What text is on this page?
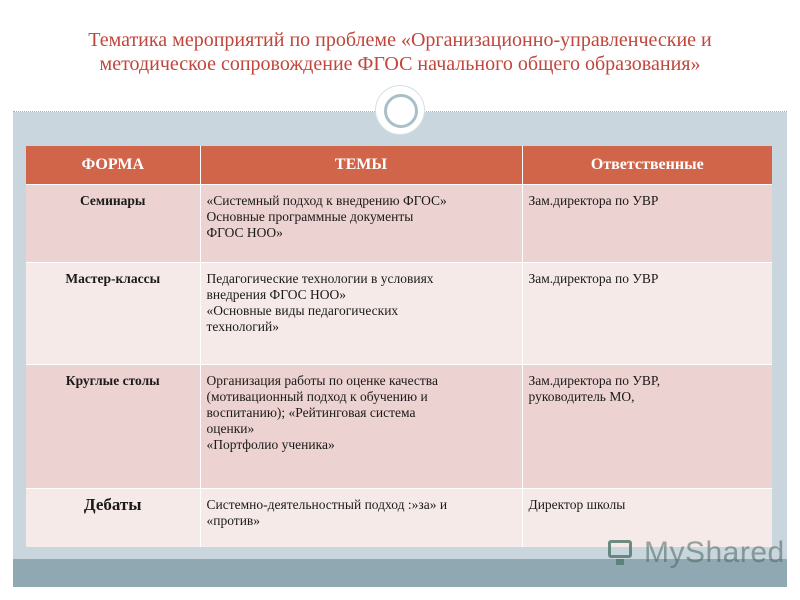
Тематика мероприятий по проблеме «Организационно-управленческие и
методическое сопровождение ФГОС начального общего образования»
ФОРМА	ТЕМЫ	Ответственные
Семинары	«Системный подход к внедрению ФГОС»
Основные программные документы
ФГОС НОО»	Зам.директора по УВР

Мастер-классы	Педагогические технологии в условиях
внедрения ФГОС НОО»
«Основные виды педагогических
технологий»	Зам.директора по УВР

Круглые столы	Организация работы по оценке качества
(мотивационный подход к обучению и
воспитанию); «Рейтинговая система
оценки»
«Портфолио ученика»	Зам.директора по УВР,
руководитель МО,

Дебаты	Системно-деятельностный подход :»за» и
«против»	Директор школы
MyShared
